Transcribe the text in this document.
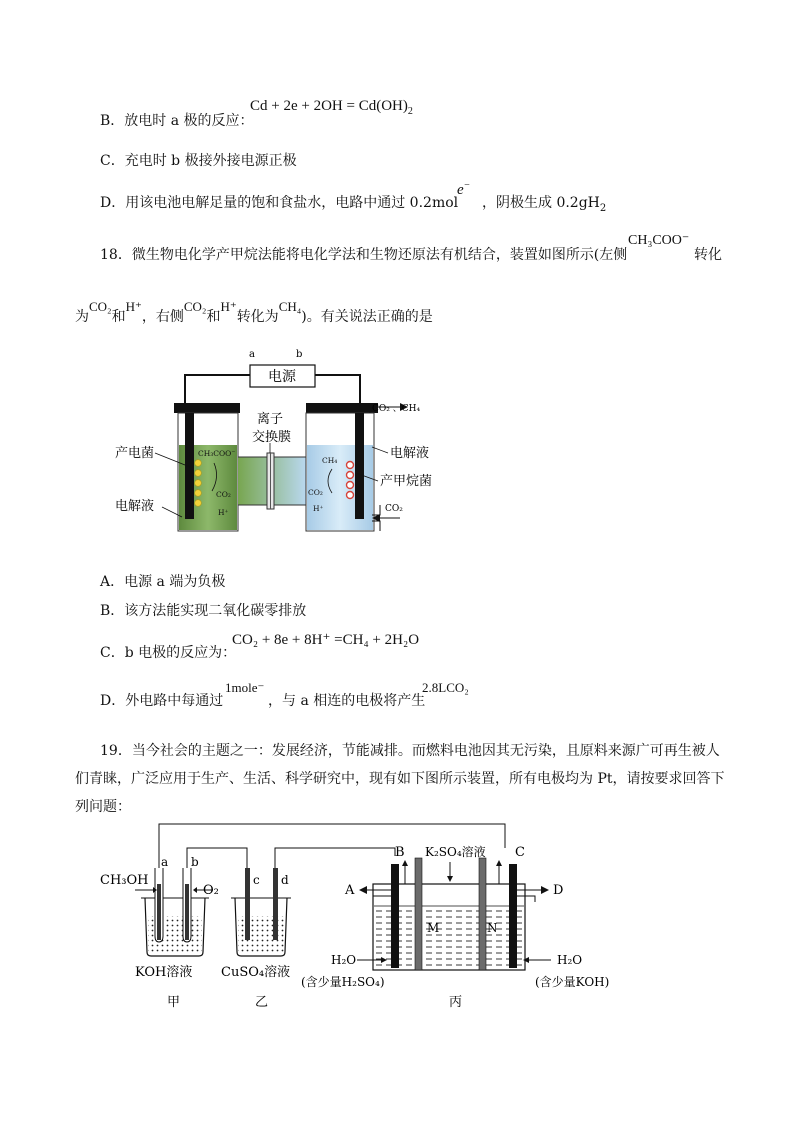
B．放电时 a 极的反应：
$Cd + 2e + 2OH = Cd(OH)_2$
C．充电时 b 极接外接电源正极
D．用该电池电解足量的饱和食盐水，电路中通过 0.2mol
e−
，阴极生成 $0.2gH_2$
18．微生物电化学产甲烷法能将电化学法和生物还原法有机结合，装置如图所示(左侧
CH₃COO⁻
转化
为CO₂和H⁺，右侧CO₂和H⁺转化为CH₄)。有关说法正确的是
电源
a	b
CH₃COO⁻
CO₂
H⁺
CH₄
CO₂
H⁺
离子
交换膜
产电菌
电解液
电解液
产甲烷菌
CO₂ 、CH₄
CO₂
A．电源 a 端为负极
B．该方法能实现二氧化碳零排放
C．b 电极的反应为：
CO₂ + 8e + 8H⁺ =CH₄ + 2H₂O
D．外电路中每通过
1mole⁻
，与 a 相连的电极将产生
2.8LCO₂
19．当今社会的主题之一：发展经济，节能减排。而燃料电池因其无污染，且原料来源广可再生被人
们青睐，广泛应用于生产、生活、科学研究中，现有如下图所示装置，所有电极均为 Pt，请按要求回答下
列问题：
CH₃OH
O₂
a b
KOH溶液
甲
c d
CuSO₄溶液
乙
B	C
A	D
K₂SO₄溶液
M	N
H₂O
(含少量H₂SO₄)
H₂O
(含少量KOH)
丙
